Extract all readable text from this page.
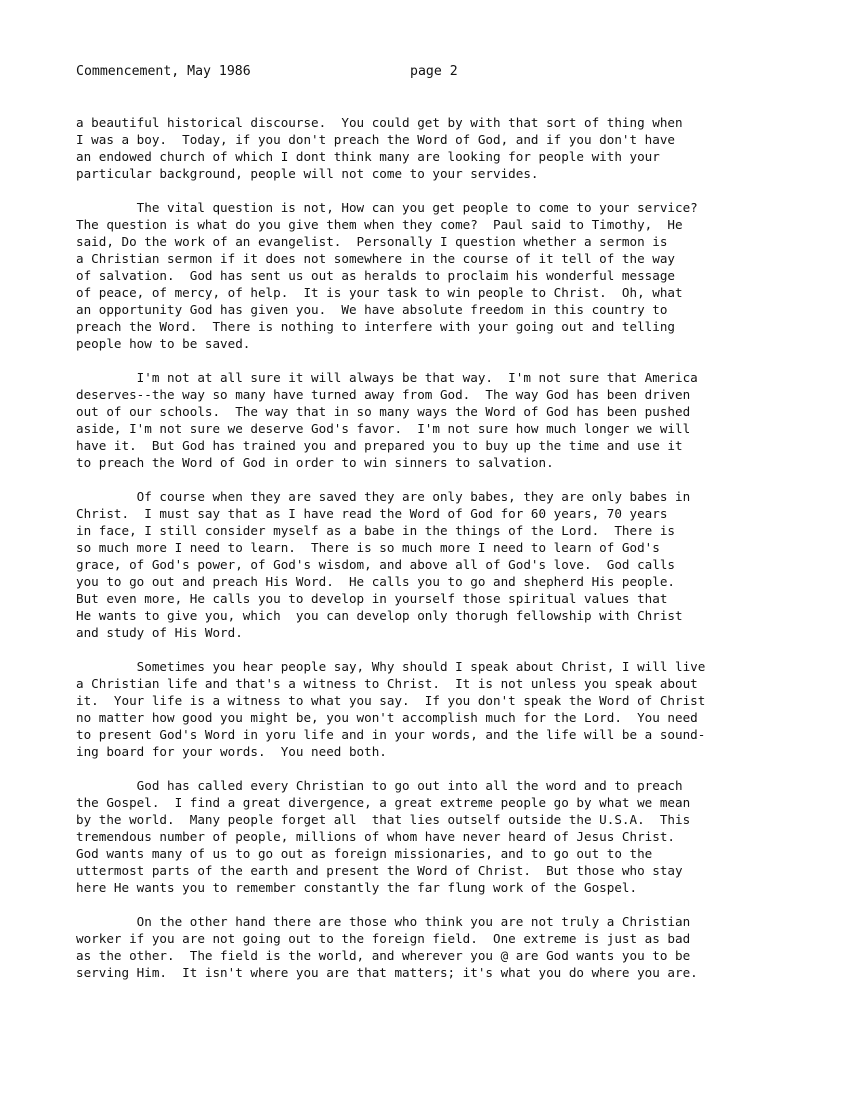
Commencement, May 1986	page 2
a beautiful historical discourse.  You could get by with that sort of thing when
I was a boy.  Today, if you don't preach the Word of God, and if you don't have
an endowed church of which I dont think many are looking for people with your
particular background, people will not come to your servides.
The vital question is not, How can you get people to come to your service?
The question is what do you give them when they come?  Paul said to Timothy,  He
said, Do the work of an evangelist.  Personally I question whether a sermon is
a Christian sermon if it does not somewhere in the course of it tell of the way
of salvation.  God has sent us out as heralds to proclaim his wonderful message
of peace, of mercy, of help.  It is your task to win people to Christ.  Oh, what
an opportunity God has given you.  We have absolute freedom in this country to
preach the Word.  There is nothing to interfere with your going out and telling
people how to be saved.
I'm not at all sure it will always be that way.  I'm not sure that America
deserves--the way so many have turned away from God.  The way God has been driven
out of our schools.  The way that in so many ways the Word of God has been pushed
aside, I'm not sure we deserve God's favor.  I'm not sure how much longer we will
have it.  But God has trained you and prepared you to buy up the time and use it
to preach the Word of God in order to win sinners to salvation.
Of course when they are saved they are only babes, they are only babes in
Christ.  I must say that as I have read the Word of God for 60 years, 70 years
in face, I still consider myself as a babe in the things of the Lord.  There is
so much more I need to learn.  There is so much more I need to learn of God's
grace, of God's power, of God's wisdom, and above all of God's love.  God calls
you to go out and preach His Word.  He calls you to go and shepherd His people.
But even more, He calls you to develop in yourself those spiritual values that
He wants to give you, which  you can develop only thorugh fellowship with Christ
and study of His Word.
Sometimes you hear people say, Why should I speak about Christ, I will live
a Christian life and that's a witness to Christ.  It is not unless you speak about
it.  Your life is a witness to what you say.  If you don't speak the Word of Christ
no matter how good you might be, you won't accomplish much for the Lord.  You need
to present God's Word in yoru life and in your words, and the life will be a sound-
ing board for your words.  You need both.
God has called every Christian to go out into all the word and to preach
the Gospel.  I find a great divergence, a great extreme people go by what we mean
by the world.  Many people forget all  that lies outself outside the U.S.A.  This
tremendous number of people, millions of whom have never heard of Jesus Christ.
God wants many of us to go out as foreign missionaries, and to go out to the
uttermost parts of the earth and present the Word of Christ.  But those who stay
here He wants you to remember constantly the far flung work of the Gospel.
On the other hand there are those who think you are not truly a Christian
worker if you are not going out to the foreign field.  One extreme is just as bad
as the other.  The field is the world, and wherever you @ are God wants you to be
serving Him.  It isn't where you are that matters; it's what you do where you are.
